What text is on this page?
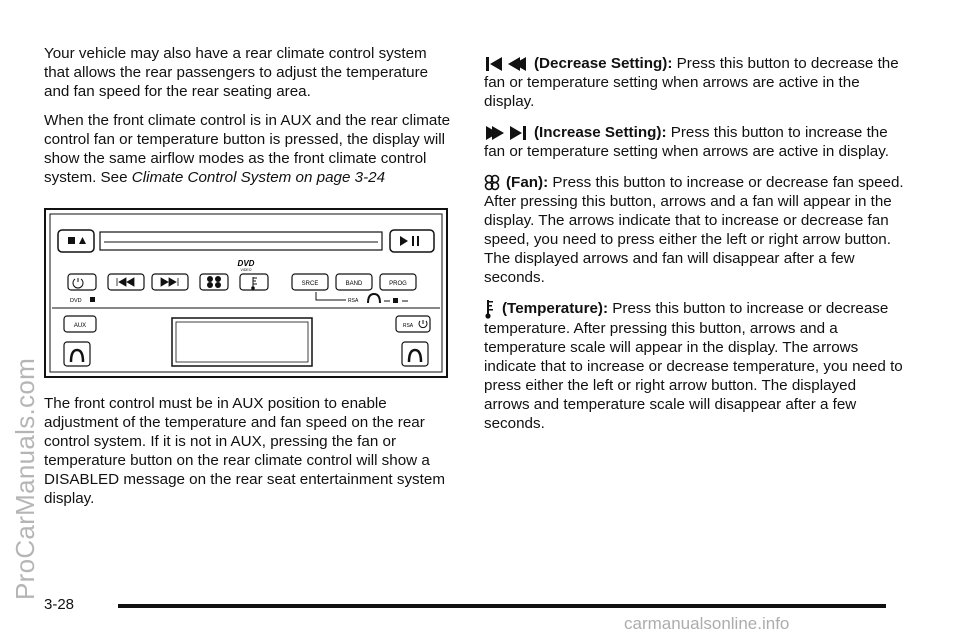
Your vehicle may also have a rear climate control system that allows the rear passengers to adjust the temperature and fan speed for the rear seating area.

When the front climate control is in AUX and the rear climate control fan or temperature button is pressed, the display will show the same airflow modes as the front climate control system. See Climate Control System on page 3-24

DVD
VIDEO
SRCE	BAND	PROG
DVD	RSA
AUX	RSA

The front control must be in AUX position to enable adjustment of the temperature and fan speed on the rear control system. If it is not in AUX, pressing the fan or temperature button on the rear climate control will show a DISABLED message on the rear seat entertainment system display.

(Decrease Setting): Press this button to decrease the fan or temperature setting when arrows are active in the display.
(Increase Setting): Press this button to increase the fan or temperature setting when arrows are active in display.
(Fan): Press this button to increase or decrease fan speed. After pressing this button, arrows and a fan will appear in the display. The arrows indicate that to increase or decrease fan speed, you need to press either the left or right arrow button. The displayed arrows and fan will disappear after a few seconds.
(Temperature): Press this button to increase or decrease temperature. After pressing this button, arrows and a temperature scale will appear in the display. The arrows indicate that to increase or decrease temperature, you need to press either the left or right arrow button. The displayed arrows and temperature scale will disappear after a few seconds.
3-28
carmanualsonline.info
ProCarManuals.com
